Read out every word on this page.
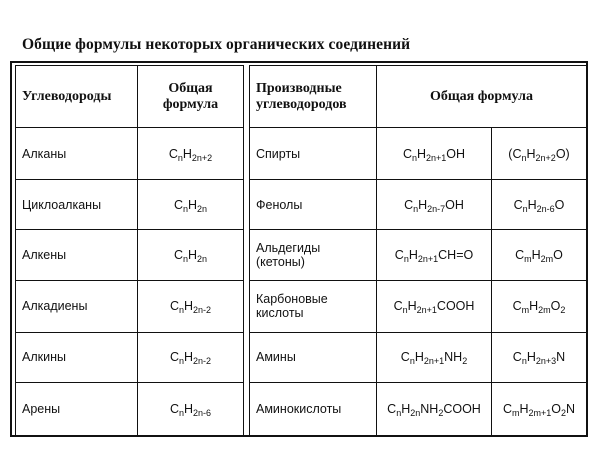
Общие формулы некоторых органических соединений
Углеводороды	Общая формула		Производные углеводородов	Общая формула	
Алканы	$C_nH_{2n+2}$		Спирты	$C_nH_{2n+1}OH$	$(C_nH_{2n+2}O)$
Циклоалканы	$C_nH_{2n}$		Фенолы	$C_nH_{2n-7}OH$	$C_nH_{2n-6}O$
Алкены	$C_nH_{2n}$		Альдегиды (кетоны)	$C_nH_{2n+1}CH=O$	$C_mH_{2m}O$
Алкадиены	$C_nH_{2n-2}$		Карбоновые кислоты	$C_nH_{2n+1}COOH$	$C_mH_{2m}O_2$
Алкины	$C_nH_{2n-2}$		Амины	$C_nH_{2n+1}NH_2$	$C_nH_{2n+3}N$
Арены	$C_nH_{2n-6}$		Аминокислоты	$C_nH_{2n}NH_2COOH$	$C_mH_{2m+1}O_2N$
